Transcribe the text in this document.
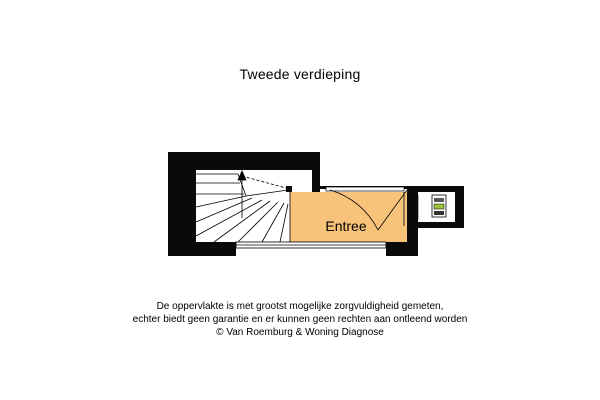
Tweede verdieping
Entree
De oppervlakte is met grootst mogelijke zorgvuldigheid gemeten,
echter biedt geen garantie en er kunnen geen rechten aan ontleend worden
© Van Roemburg & Woning Diagnose
